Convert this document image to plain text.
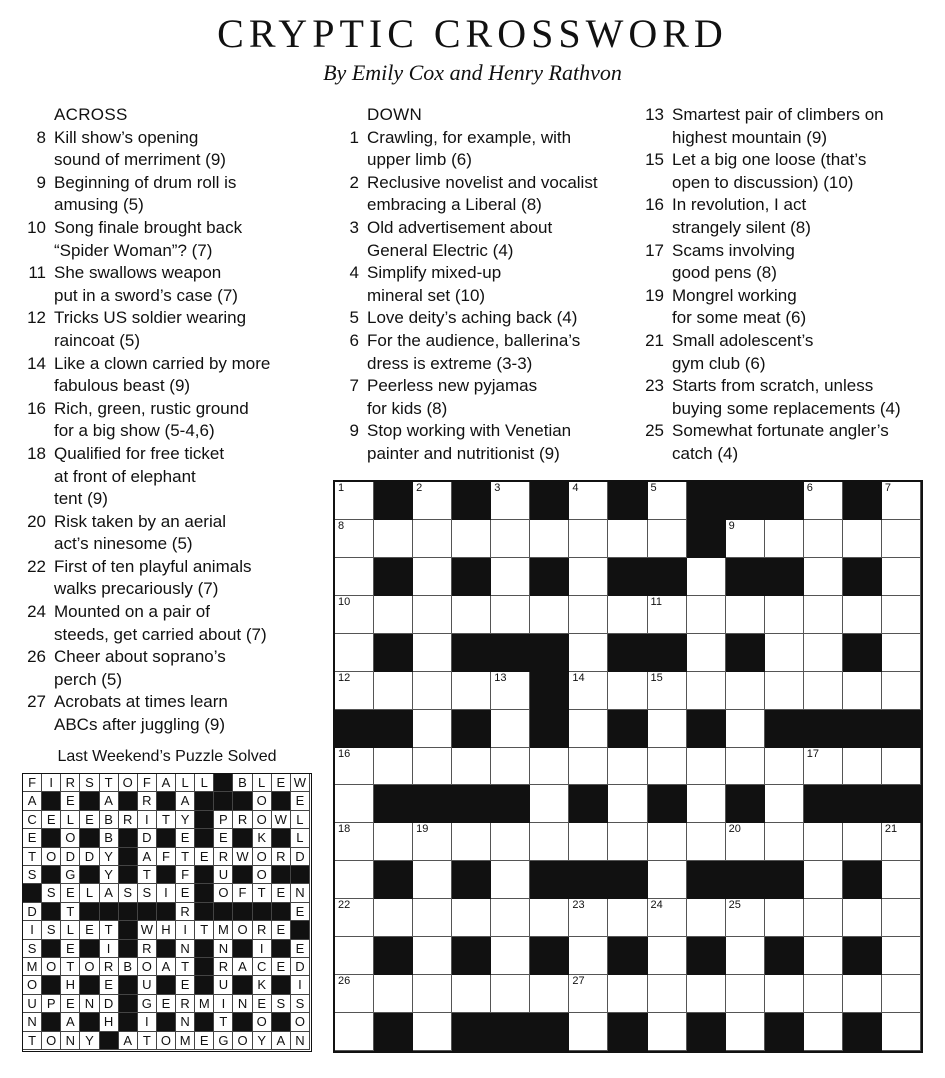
CRYPTIC CROSSWORD
By Emily Cox and Henry Rathvon
ACROSS
8 Kill show’s opening
sound of merriment (9)
9 Beginning of drum roll is
amusing (5)
10 Song finale brought back
“Spider Woman”? (7)
11 She swallows weapon
put in a sword’s case (7)
12 Tricks US soldier wearing
raincoat (5)
14 Like a clown carried by more
fabulous beast (9)
16 Rich, green, rustic ground
for a big show (5-4,6)
18 Qualified for free ticket
at front of elephant
tent (9)
20 Risk taken by an aerial
act’s ninesome (5)
22 First of ten playful animals
walks precariously (7)
24 Mounted on a pair of
steeds, get carried about (7)
26 Cheer about soprano’s
perch (5)
27 Acrobats at times learn
ABCs after juggling (9)
DOWN
1 Crawling, for example, with
upper limb (6)
2 Reclusive novelist and vocalist
embracing a Liberal (8)
3 Old advertisement about
General Electric (4)
4 Simplify mixed-up
mineral set (10)
5 Love deity’s aching back (4)
6 For the audience, ballerina’s
dress is extreme (3-3)
7 Peerless new pyjamas
for kids (8)
9 Stop working with Venetian
painter and nutritionist (9)
13 Smartest pair of climbers on
highest mountain (9)
15 Let a big one loose (that’s
open to discussion) (10)
16 In revolution, I act
strangely silent (8)
17 Scams involving
good pens (8)
19 Mongrel working
for some meat (6)
21 Small adolescent’s
gym club (6)
23 Starts from scratch, unless
buying some replacements (4)
25 Somewhat fortunate angler’s
catch (4)
1	2	3	4	5	6	7
8	9
10	11
12	13	14	15
16	17
18	19	20	21
22	23	24	25
26	27
Last Weekend’s Puzzle Solved
F	I R S T O F A L L	B L E W
A	E	A	R	A	O	E
C E L E B R I	T Y	P R O W L
E	O	B	D	E	E	K	L
T O D D Y	A F T E R W O R D
S	G	Y	T	F	U	O
S E L A S S I E	O F T E N
D	T	R	E
I S L E T	W H I	T M O R E
S	E	I	R	N	N	I	E
M O T O R B O A T	R A C E D
O	H	E	U	E	U	K	I
U P E N D	G E R M I N E S S
N	A	H	I	N	T	O	O
T O N Y	A T O M E G O Y A N
